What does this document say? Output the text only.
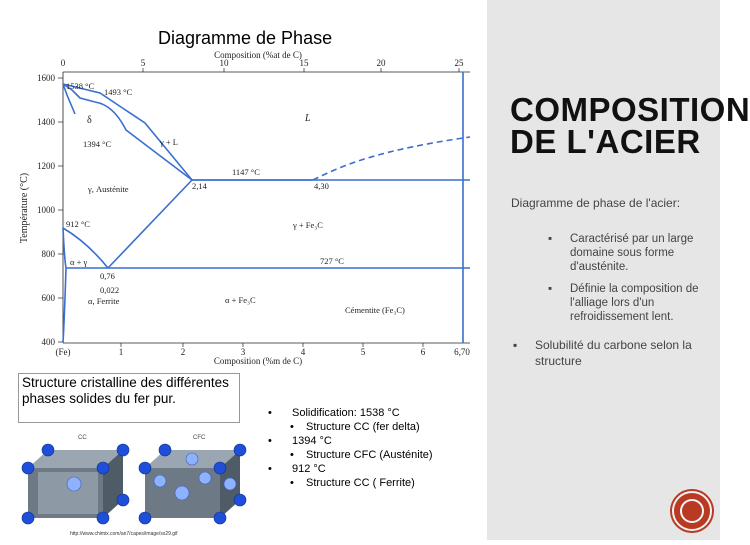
Diagramme de Phase
1600
1400
1200
1000
800
600
400
Température (°C)
0	5	10	15	20	25
Composition (%at de C)
(Fe)	1	2	3	4	5	6	6,70
Composition (%m de C)
1538 °C
1493 °C
δ	L
γ + L
1394 °C
1147 °C
2,14	4,30
γ, Austénite
912 °C	γ + Fe₃C
α + γ	727 °C
0,76
0,022
α, Ferrite	α + Fe₃C
Cémentite (Fe₃C)
CC	CFC
Structure cristalline des différentes phases solides du fer pur.
http://www.chimix.com/an7/capes/image/ss29.gif
• Solidification: 1538 °C
• Structure CC (fer delta)
• 1394 °C
• Structure CFC (Austénite)
• 912 °C
• Structure CC ( Ferrite)
COMPOSITION DE L'ACIER
Diagramme de phase de l'acier:
▪ Caractérisé par un large domaine sous forme d'austénite.
▪ Définie la composition de l'alliage lors d'un refroidissement lent.
▪ Solubilité du carbone selon la structure
